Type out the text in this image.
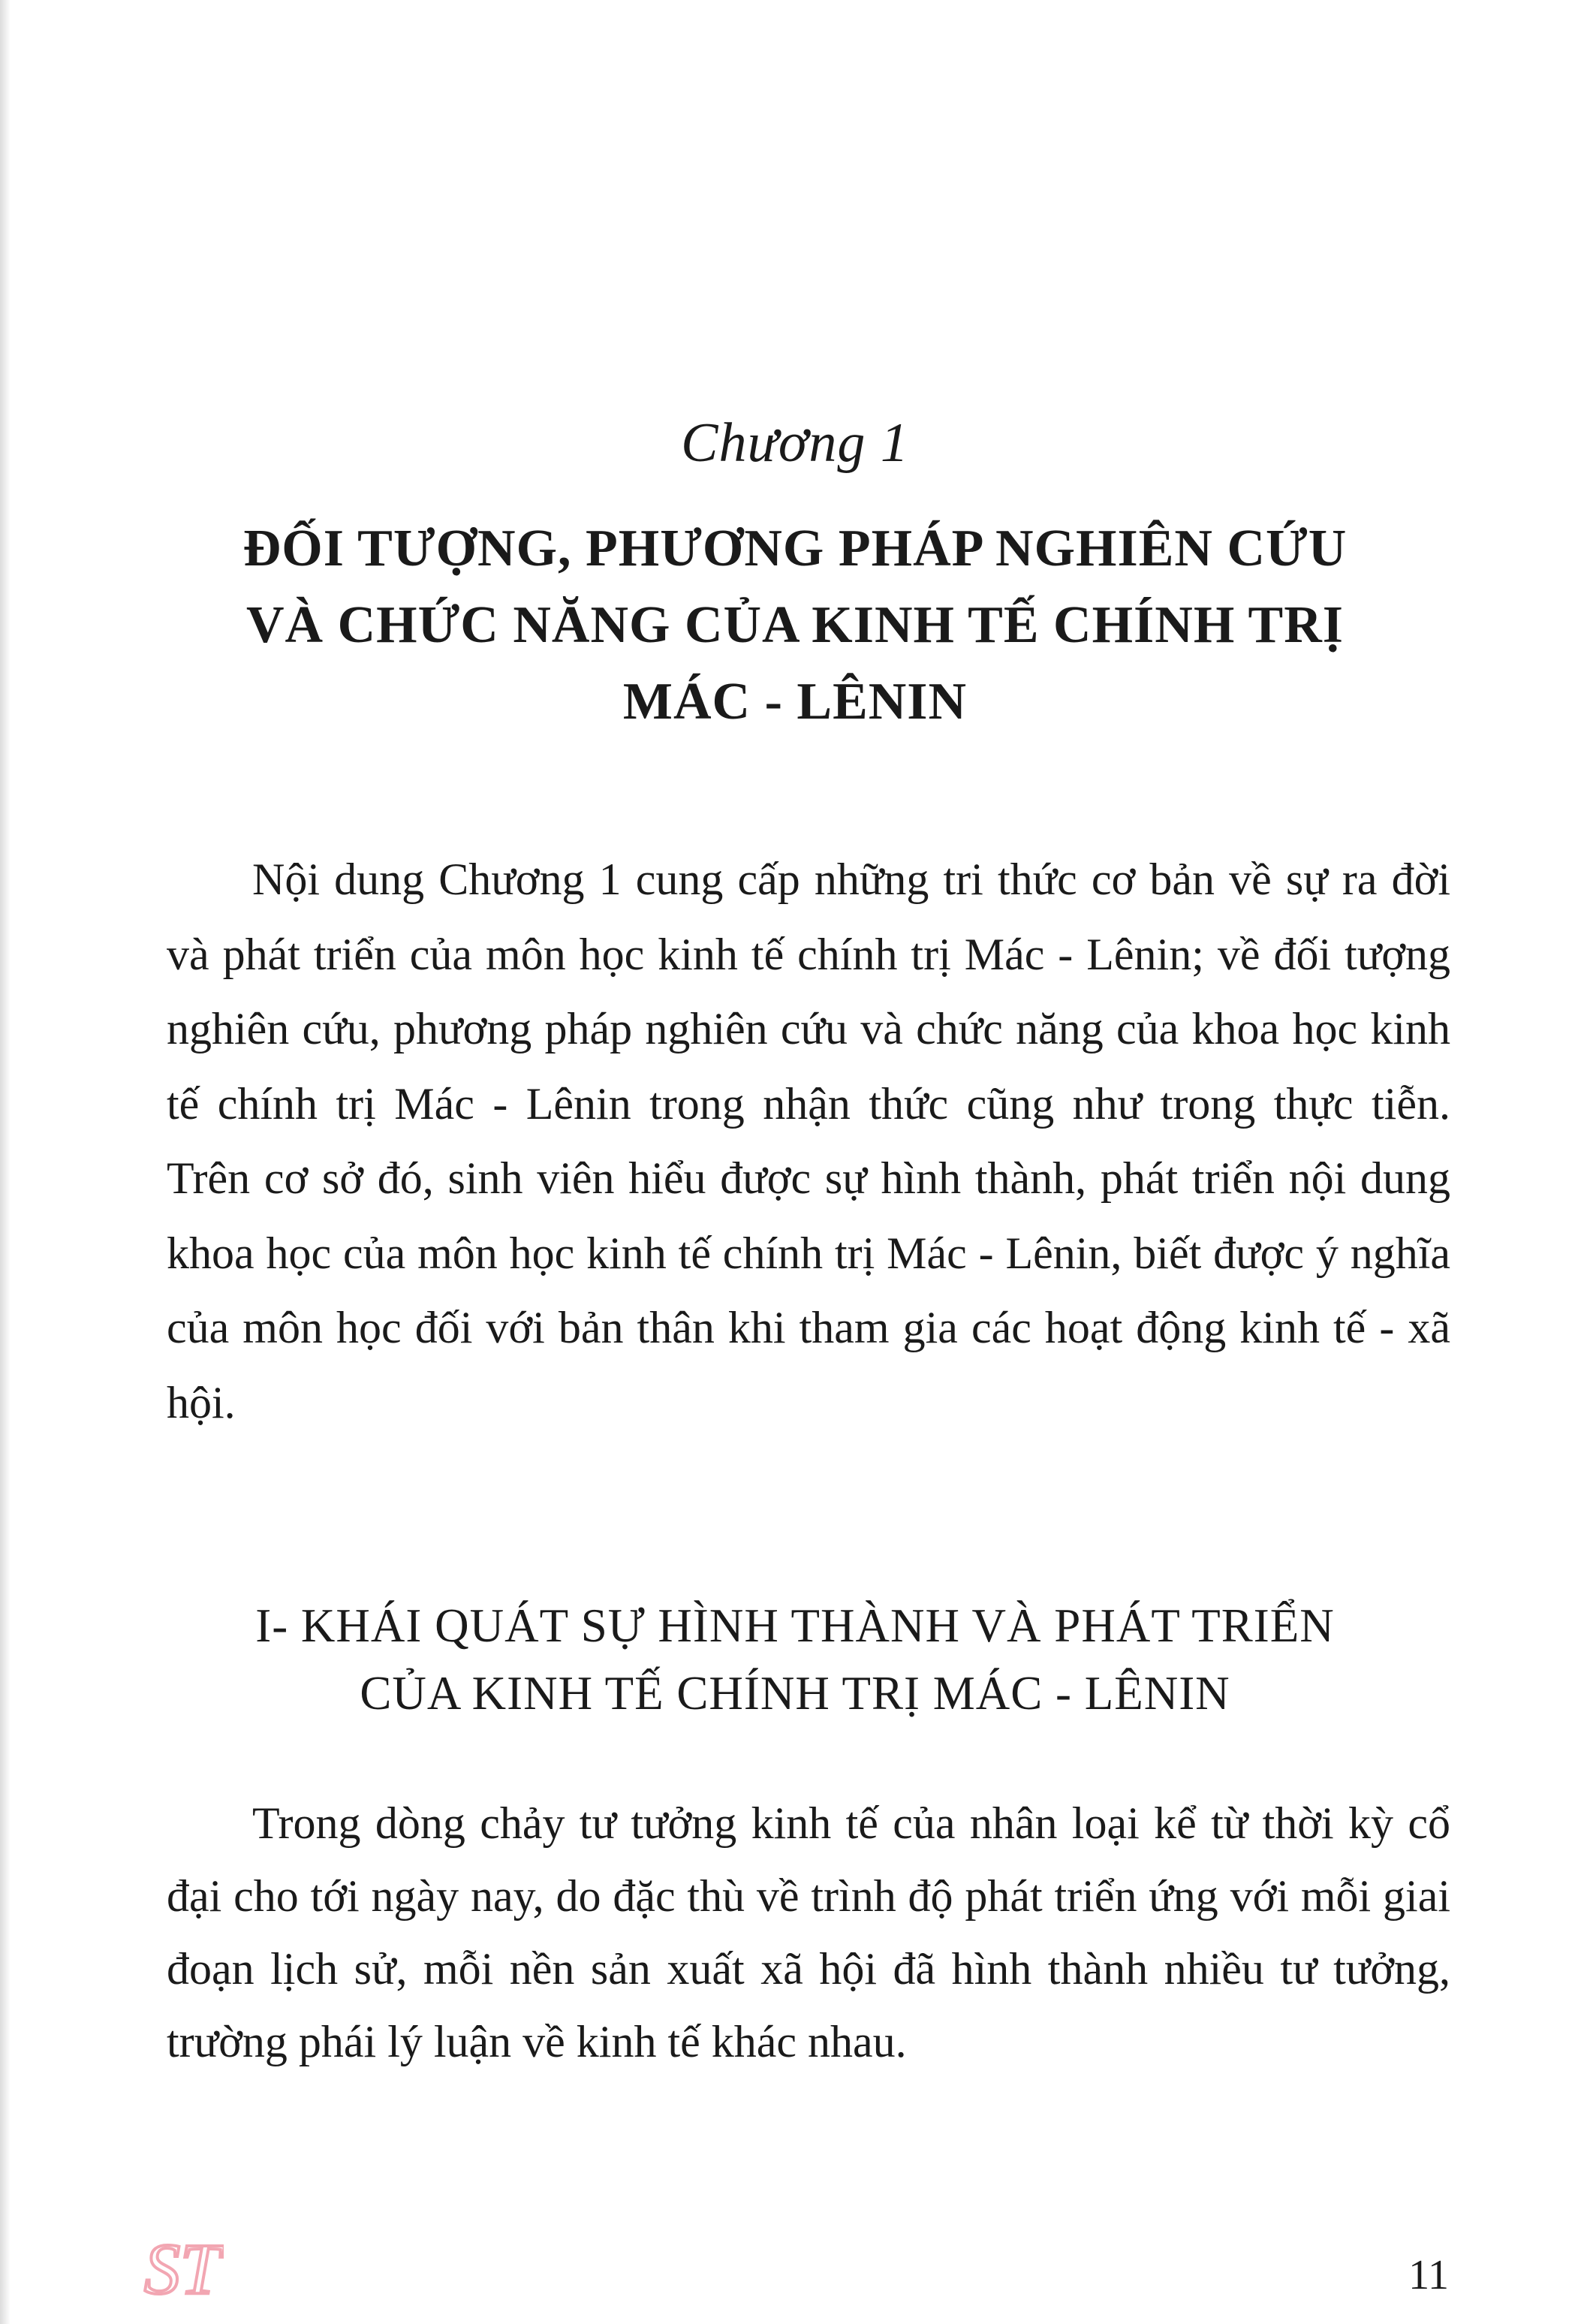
Chương 1
ĐỐI TƯỢNG, PHƯƠNG PHÁP NGHIÊN CỨU
VÀ CHỨC NĂNG CỦA KINH TẾ CHÍNH TRỊ
MÁC - LÊNIN

Nội dung Chương 1 cung cấp những tri thức cơ bản về sự ra đời và phát triển của môn học kinh tế chính trị Mác - Lênin; về đối tượng nghiên cứu, phương pháp nghiên cứu và chức năng của khoa học kinh tế chính trị Mác - Lênin trong nhận thức cũng như trong thực tiễn. Trên cơ sở đó, sinh viên hiểu được sự hình thành, phát triển nội dung khoa học của môn học kinh tế chính trị Mác - Lênin, biết được ý nghĩa của môn học đối với bản thân khi tham gia các hoạt động kinh tế - xã hội.

I- KHÁI QUÁT SỰ HÌNH THÀNH VÀ PHÁT TRIỂN
CỦA KINH TẾ CHÍNH TRỊ MÁC - LÊNIN

Trong dòng chảy tư tưởng kinh tế của nhân loại kể từ thời kỳ cổ đại cho tới ngày nay, do đặc thù về trình độ phát triển ứng với mỗi giai đoạn lịch sử, mỗi nền sản xuất xã hội đã hình thành nhiều tư tưởng, trường phái lý luận về kinh tế khác nhau.

ST	11
